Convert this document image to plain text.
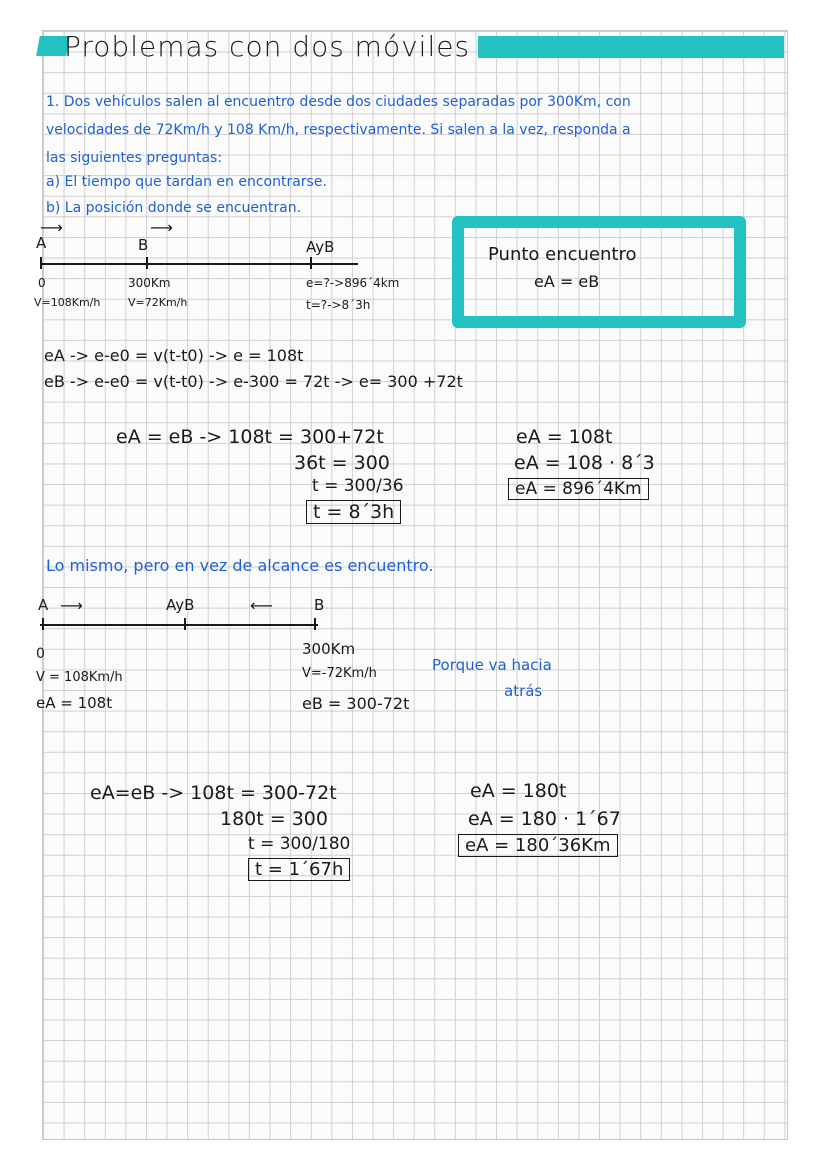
Problemas con dos móviles
1. Dos vehículos salen al encuentro desde dos ciudades separadas por 300Km, con
velocidades de 72Km/h y 108 Km/h, respectivamente. Si salen a la vez, responda a
las siguientes preguntas:
a) El tiempo que tardan en encontrarse.
b) La posición donde se encuentran.
⟶	⟶
A	B	AyB
0
V=108Km/h
300Km
V=72Km/h
e=?->896´4km
t=?->8´3h
Punto encuentro
eA = eB
eA -> e-e0 = v(t-t0) -> e = 108t
eB -> e-e0 = v(t-t0) -> e-300 = 72t -> e= 300 +72t
eA = eB -> 108t = 300+72t
36t = 300
t = 300/36
t = 8´3h
eA = 108t
eA = 108 · 8´3
eA = 896´4Km
Lo mismo, pero en vez de alcance es encuentro.
A ⟶	AyB	⟵	B
0
V = 108Km/h
eA = 108t
300Km
V=-72Km/h
eB = 300-72t
Porque va hacia
atrás
eA=eB -> 108t = 300-72t
180t = 300
t = 300/180
t = 1´67h
eA = 180t
eA = 180 · 1´67
eA = 180´36Km
